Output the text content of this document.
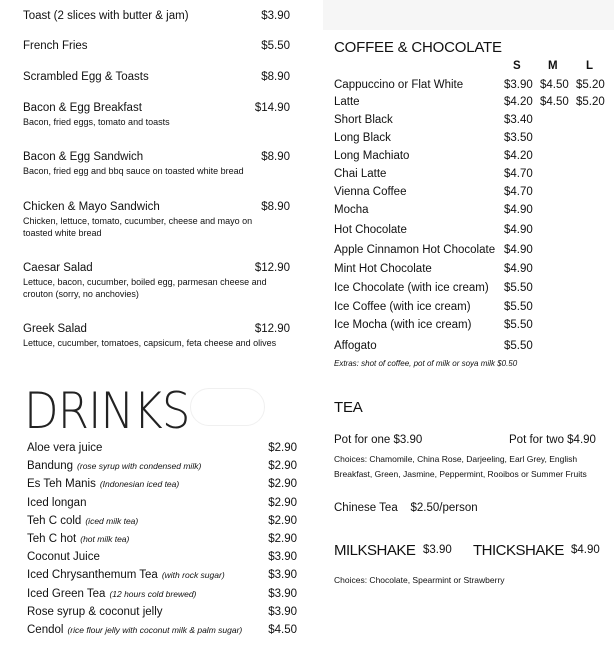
Toast (2 slices with butter & jam)	$3.90
French Fries	$5.50
Scrambled Egg & Toasts	$8.90
Bacon & Egg Breakfast	$14.90
Bacon, fried eggs, tomato and toasts
Bacon & Egg Sandwich	$8.90
Bacon, fried egg and bbq sauce on toasted white bread
Chicken & Mayo Sandwich	$8.90
Chicken, lettuce, tomato, cucumber, cheese and mayo on toasted white bread
Caesar Salad	$12.90
Lettuce, bacon, cucumber, boiled egg, parmesan cheese and crouton (sorry, no anchovies)
Greek Salad	$12.90
Lettuce, cucumber, tomatoes, capsicum, feta cheese and olives
DRINKS
Aloe vera juice	$2.90
Bandung (rose syrup with condensed milk)	$2.90
Es Teh Manis (Indonesian iced tea)	$2.90
Iced longan	$2.90
Teh C cold (iced milk tea)	$2.90
Teh C hot (hot milk tea)	$2.90
Coconut Juice	$3.90
Iced Chrysanthemum Tea (with rock sugar)	$3.90
Iced Green Tea (12 hours cold brewed)	$3.90
Rose syrup & coconut jelly	$3.90
Cendol (rice flour jelly with coconut milk & palm sugar) $4.50
COFFEE & CHOCOLATE
S M L
Cappuccino or Flat White	$3.90 $4.50 $5.20
Latte	$4.20 $4.50 $5.20
Short Black	$3.40
Long Black	$3.50
Long Machiato	$4.20
Chai Latte	$4.70
Vienna Coffee	$4.70
Mocha	$4.90
Hot Chocolate	$4.90
Apple Cinnamon Hot Chocolate $4.90
Mint Hot Chocolate	$4.90
Ice Chocolate (with ice cream) $5.50
Ice Coffee (with ice cream)	$5.50
Ice Mocha (with ice cream)	$5.50
Affogato	$5.50
Extras: shot of coffee, pot of milk or soya milk $0.50
TEA
Pot for one $3.90	Pot for two $4.90
Choices: Chamomile, China Rose, Darjeeling, Earl Grey, English Breakfast, Green, Jasmine, Peppermint, Rooibos or Summer Fruits
Chinese Tea    $2.50/person
MILKSHAKE $3.90 THICKSHAKE $4.90
Choices: Chocolate, Spearmint or Strawberry
